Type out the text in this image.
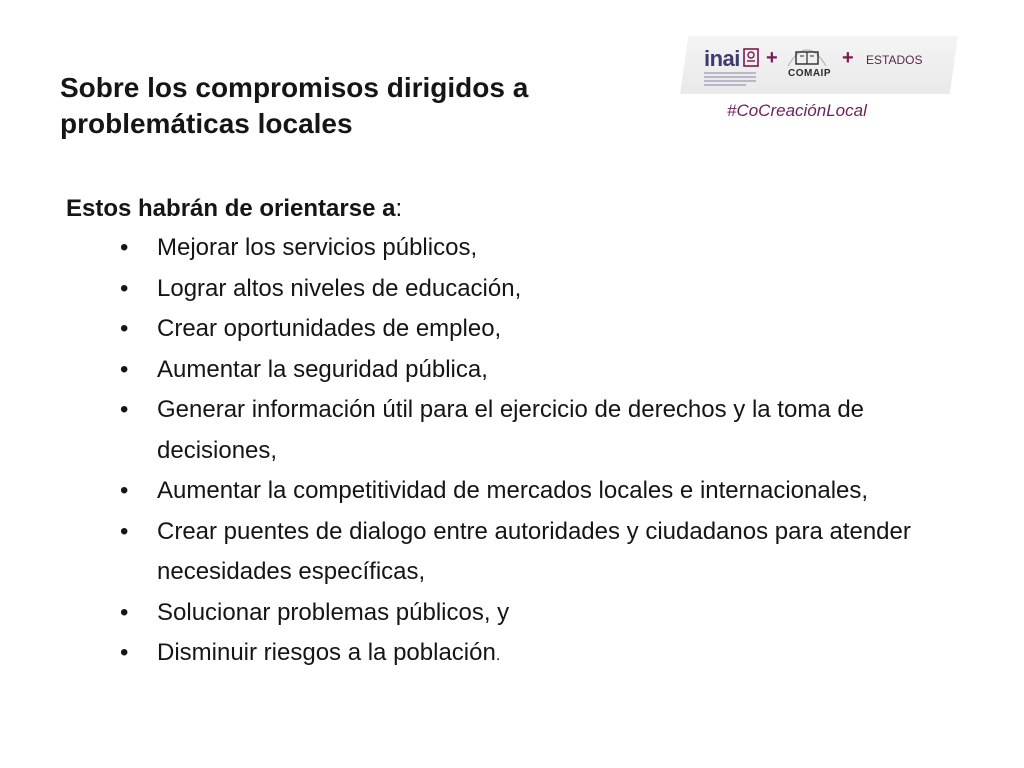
inai +
COMAIP
+ ESTADOS
#CoCreaciónLocal
Sobre los compromisos dirigidos a problemáticas locales
Estos habrán de orientarse a:
• Mejorar los servicios públicos,
• Lograr altos niveles de educación,
• Crear oportunidades de empleo,
• Aumentar la seguridad pública,
• Generar información útil para el ejercicio de derechos y la toma de decisiones,
• Aumentar la competitividad de mercados locales e internacionales,
• Crear puentes de dialogo entre autoridades y ciudadanos para atender necesidades específicas,
• Solucionar problemas públicos, y
• Disminuir riesgos a la población.
